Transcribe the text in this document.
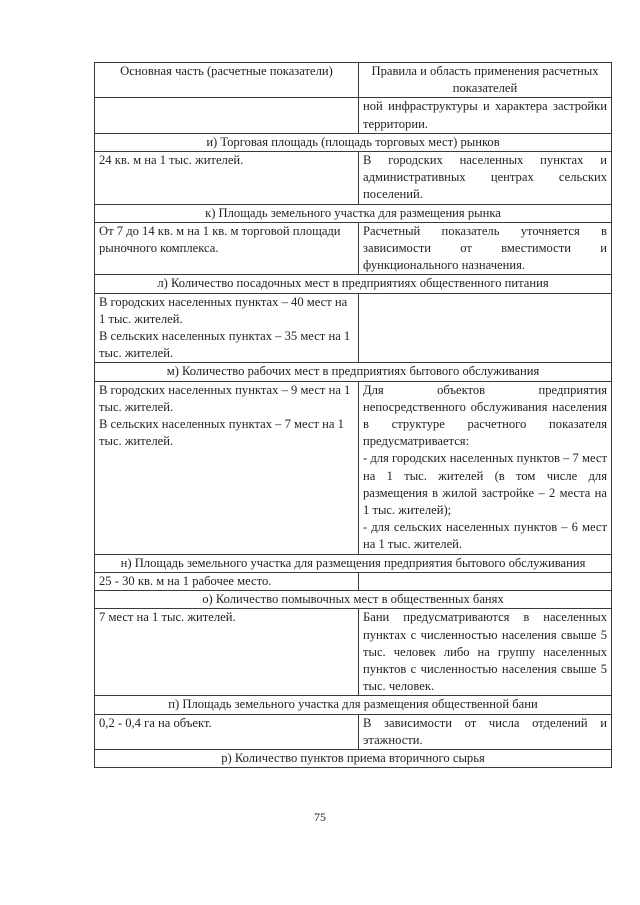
Основная часть (расчетные показатели)	Правила и область применения расчетных показателей
	ной инфраструктуры и характера застройки территории.
и) Торговая площадь (площадь торговых мест) рынков	
24 кв. м на 1 тыс. жителей.	В городских населенных пунктах и административных центрах сельских поселений.
к) Площадь земельного участка для размещения рынка	
От 7 до 14 кв. м на 1 кв. м торговой площади рыночного комплекса.	Расчетный показатель уточняется в зависимости от вместимости и функционального назначения.
л) Количество посадочных мест в предприятиях общественного питания	
В городских населенных пунктах – 40 мест на 1 тыс. жителей.
В сельских населенных пунктах – 35 мест на 1 тыс. жителей.	
м) Количество рабочих мест в предприятиях бытового обслуживания	
В городских населенных пунктах – 9 мест на 1 тыс. жителей.
В сельских населенных пунктах – 7 мест на 1 тыс. жителей.	Для объектов предприятия непосредственного обслуживания населения в структуре расчетного показателя предусматривается:
- для городских населенных пунктов – 7 мест на 1 тыс. жителей (в том числе для размещения в жилой застройке – 2 места на 1 тыс. жителей);
- для сельских населенных пунктов – 6 мест на 1 тыс. жителей.
н) Площадь земельного участка для размещения предприятия бытового обслуживания	
25 - 30 кв. м на 1 рабочее место.	
о) Количество помывочных мест в общественных банях	
7 мест на 1 тыс. жителей.	Бани предусматриваются в населенных пунктах с численностью населения свыше 5 тыс. человек либо на группу населенных пунктов с численностью населения свыше 5 тыс. человек.
п) Площадь земельного участка для размещения общественной бани	
0,2 - 0,4 га на объект.	В зависимости от числа отделений и этажности.
р) Количество пунктов приема вторичного сырья	
75
